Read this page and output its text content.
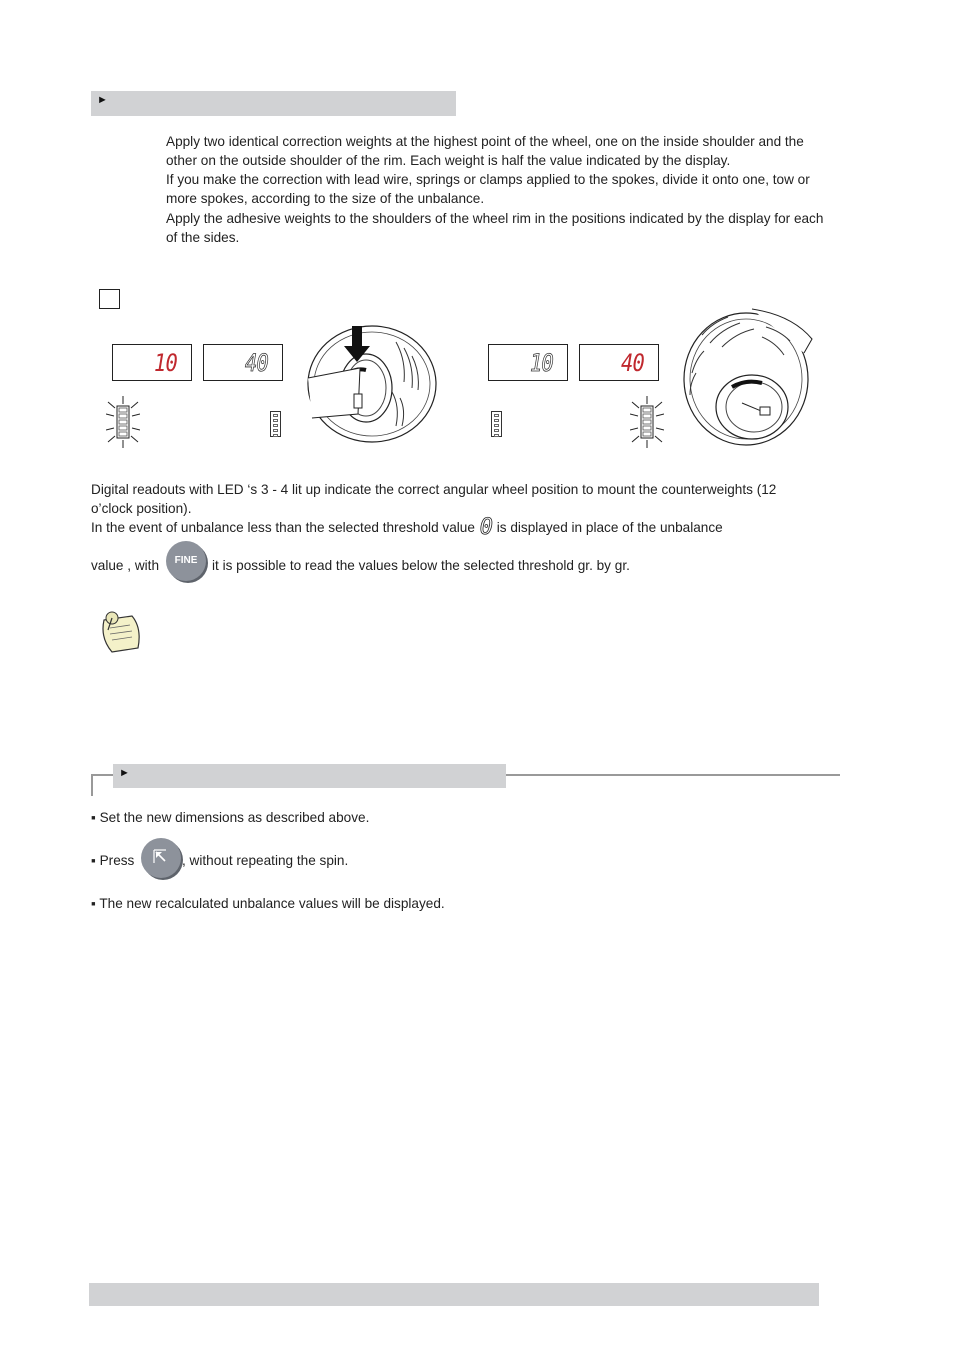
►

Apply two identical correction weights at the highest point of the wheel, one on the inside shoulder and the other on the outside shoulder of the rim. Each weight is half the value indicated by the display.

If you make the correction with lead wire, springs or clamps applied to the spokes, divide it onto one, tow or more spokes, according to the size of the unbalance.

Apply the adhesive weights to the shoulders of the wheel rim in the positions indicated by the display for each of the sides.

10	40	10	40
Digital readouts with LED ‘s 3 - 4 lit up indicate the correct angular wheel position to mount the counterweights (12
o’clock position).
In the event of unbalance less than the selected threshold value 0 is displayed in place of the unbalance
value , with	FINE	it is possible to read the values below the selected threshold gr. by gr.
►
▪ Set the new dimensions as described above.
▪ Press	, without repeating the spin.
▪ The new recalculated unbalance values will be displayed.
